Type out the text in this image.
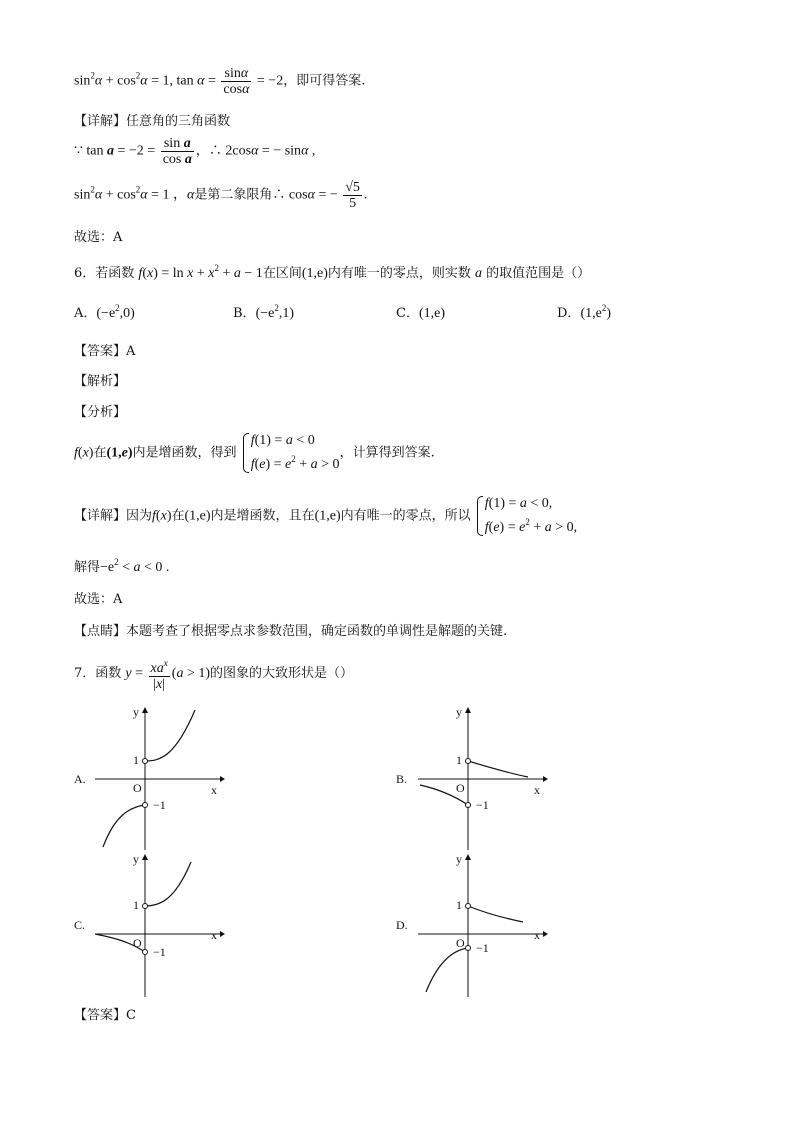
$\sin^2\alpha + \cos^2\alpha = 1$, $\tan \alpha = \frac{\sin\alpha}{\cos\alpha} = -2$，即可得答案.
【详解】任意角的三角函数
∵ $\tan a = -2 = \frac{\text{sin a}}{\text{cos a}}$ ，∴ 2cosα = − sinα ,
$\sin^2\alpha + \cos^2\alpha = 1$ ，α是第二象限角∴ cosα = − $\frac{√5}{5}$ .
故选：A
6．若函数 $f(x) = \ln x + x^2 + a - 1$在区间(1,e)内有唯一的零点，则实数 a 的取值范围是（）
A．$(-e^2,0)$	B．$(-e^2,1)$	C．(1,e)	D．$(1,e^2)$
【答案】A
【解析】
【分析】
f(x)在(1,e)内是增函数，得到
f(1) = a < 0
$f(e) = e^2 + a > 0$
，计算得到答案.
【详解】因为f(x)在(1,e)内是增函数，且在(1,e)内有唯一的零点，所以
f(1) = a < 0,
$f(e) = e^2 + a > 0$,
解得$-e^2 < a < 0$ .
故选：A
【点睛】本题考查了根据零点求参数范围，确定函数的单调性是解题的关键.
7．函数 $y = \frac{xa^x}{|x|} (a > 1)$的图象的大致形状是（）
y
x
O
1
−1
A.
y
x
O
1
−1
B.
y
x
O
1
−1
C.
y
x
O
1
−1
D.
【答案】C
